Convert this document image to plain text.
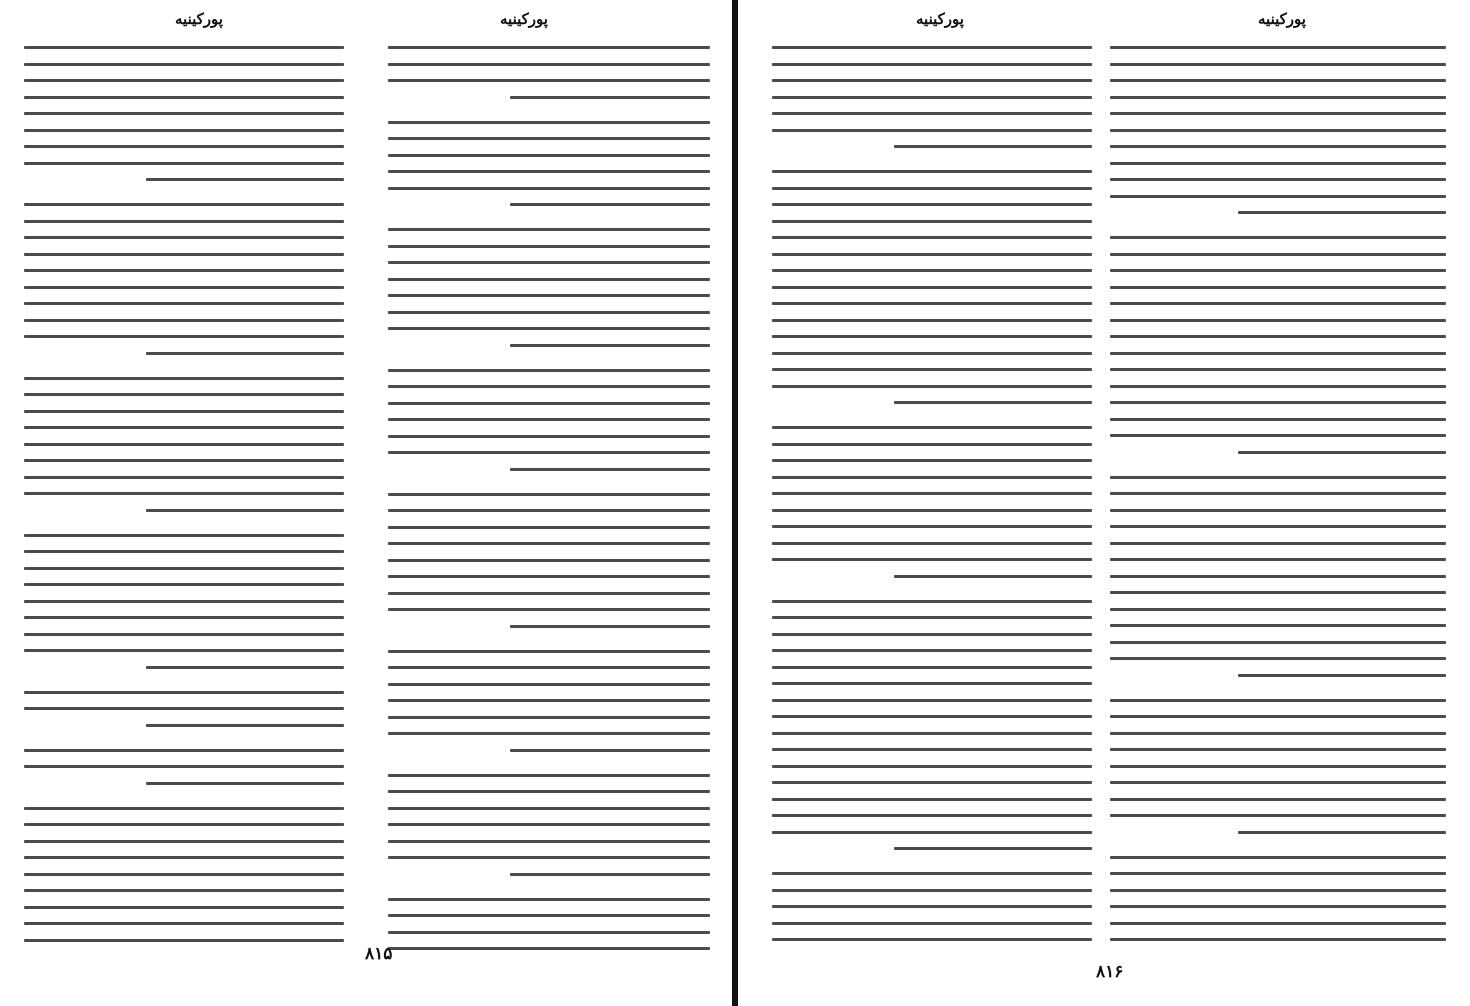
پورکینیه	پورکینیه
۸۱۵
پورکینیه	پورکینیه
۸۱۶
